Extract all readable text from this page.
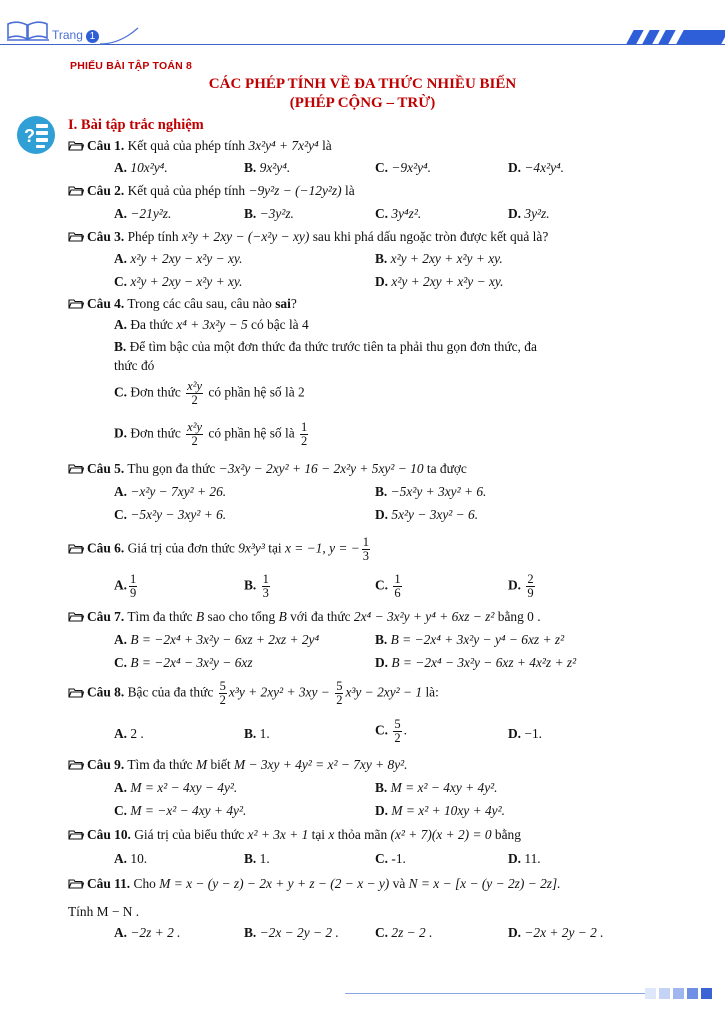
Trang 1
PHIẾU BÀI TẬP TOÁN 8
CÁC PHÉP TÍNH VỀ ĐA THỨC NHIỀU BIẾN
(PHÉP CỘNG – TRỪ)
?
I. Bài tập trắc nghiệm
Câu 1. Kết quả của phép tính 3x²y⁴ + 7x²y⁴ là
A. 10x²y⁴.	B. 9x²y⁴.	C. −9x²y⁴.	D. −4x²y⁴.
Câu 2. Kết quả của phép tính −9y²z − (−12y²z) là
A. −21y²z.	B. −3y²z.	C. 3y⁴z².	D. 3y²z.
Câu 3. Phép tính x²y + 2xy − (−x²y − xy) sau khi phá dấu ngoặc tròn được kết quả là?
A. x²y + 2xy − x²y − xy.	B. x²y + 2xy + x²y + xy.
C. x²y + 2xy − x²y + xy.	D. x²y + 2xy + x²y − xy.
Câu 4. Trong các câu sau, câu nào sai?
A. Đa thức x⁴ + 3x²y − 5 có bậc là 4
B. Để tìm bậc của một đơn thức đa thức trước tiên ta phải thu gọn đơn thức, đa
thức đó
C. Đơn thức $\frac{\text{x²y}}{2}$ có phần hệ số là 2
D. Đơn thức $\frac{\text{x²y}}{2}$ có phần hệ số là $\frac{1}{2}$
Câu 5. Thu gọn đa thức −3x²y − 2xy² + 16 − 2x²y + 5xy² − 10 ta được
A. −x²y − 7xy² + 26.	B. −5x²y + 3xy² + 6.
C. −5x²y − 3xy² + 6.	D. 5x²y − 3xy² − 6.
Câu 6. Giá trị của đơn thức 9x³y³ tại x = −1, y = − $\frac{1}{3}$
A. $\frac{1}{9}$	B. $\frac{1}{3}$	C. $\frac{1}{6}$	D. $\frac{2}{9}$
Câu 7. Tìm đa thức B sao cho tổng B với đa thức 2x⁴ − 3x²y + y⁴ + 6xz − z² bằng 0 .
A. B = −2x⁴ + 3x²y − 6xz + 2xz + 2y⁴	B. B = −2x⁴ + 3x²y − y⁴ − 6xz + z²
C. B = −2x⁴ − 3x²y − 6xz	D. B = −2x⁴ − 3x²y − 6xz + 4x²z + z²
Câu 8. Bậc của đa thức $\frac{5}{2} x^3y + 2xy^2 + 3xy - \frac{5}{2} x^3y - 2xy^2 - 1$ là:
A. 2 .	B. 1.	C. $\frac{5}{2}$ .	D. −1.
Câu 9. Tìm đa thức M biết M − 3xy + 4y² = x² − 7xy + 8y².
A. M = x² − 4xy − 4y².	B. M = x² − 4xy + 4y².
C. M = −x² − 4xy + 4y².	D. M = x² + 10xy + 4y².
Câu 10. Giá trị của biểu thức x² + 3x + 1 tại x thỏa mãn (x² + 7)(x + 2) = 0 bằng
A. 10.	B. 1.	C. -1.	D. 11.
Câu 11. Cho M = x − (y − z) − 2x + y + z − (2 − x − y) và N = x − [x − (y − 2z) − 2z].
Tính M − N .
A. −2z + 2 .	B. −2x − 2y − 2 .	C. 2z − 2 .	D. −2x + 2y − 2 .
